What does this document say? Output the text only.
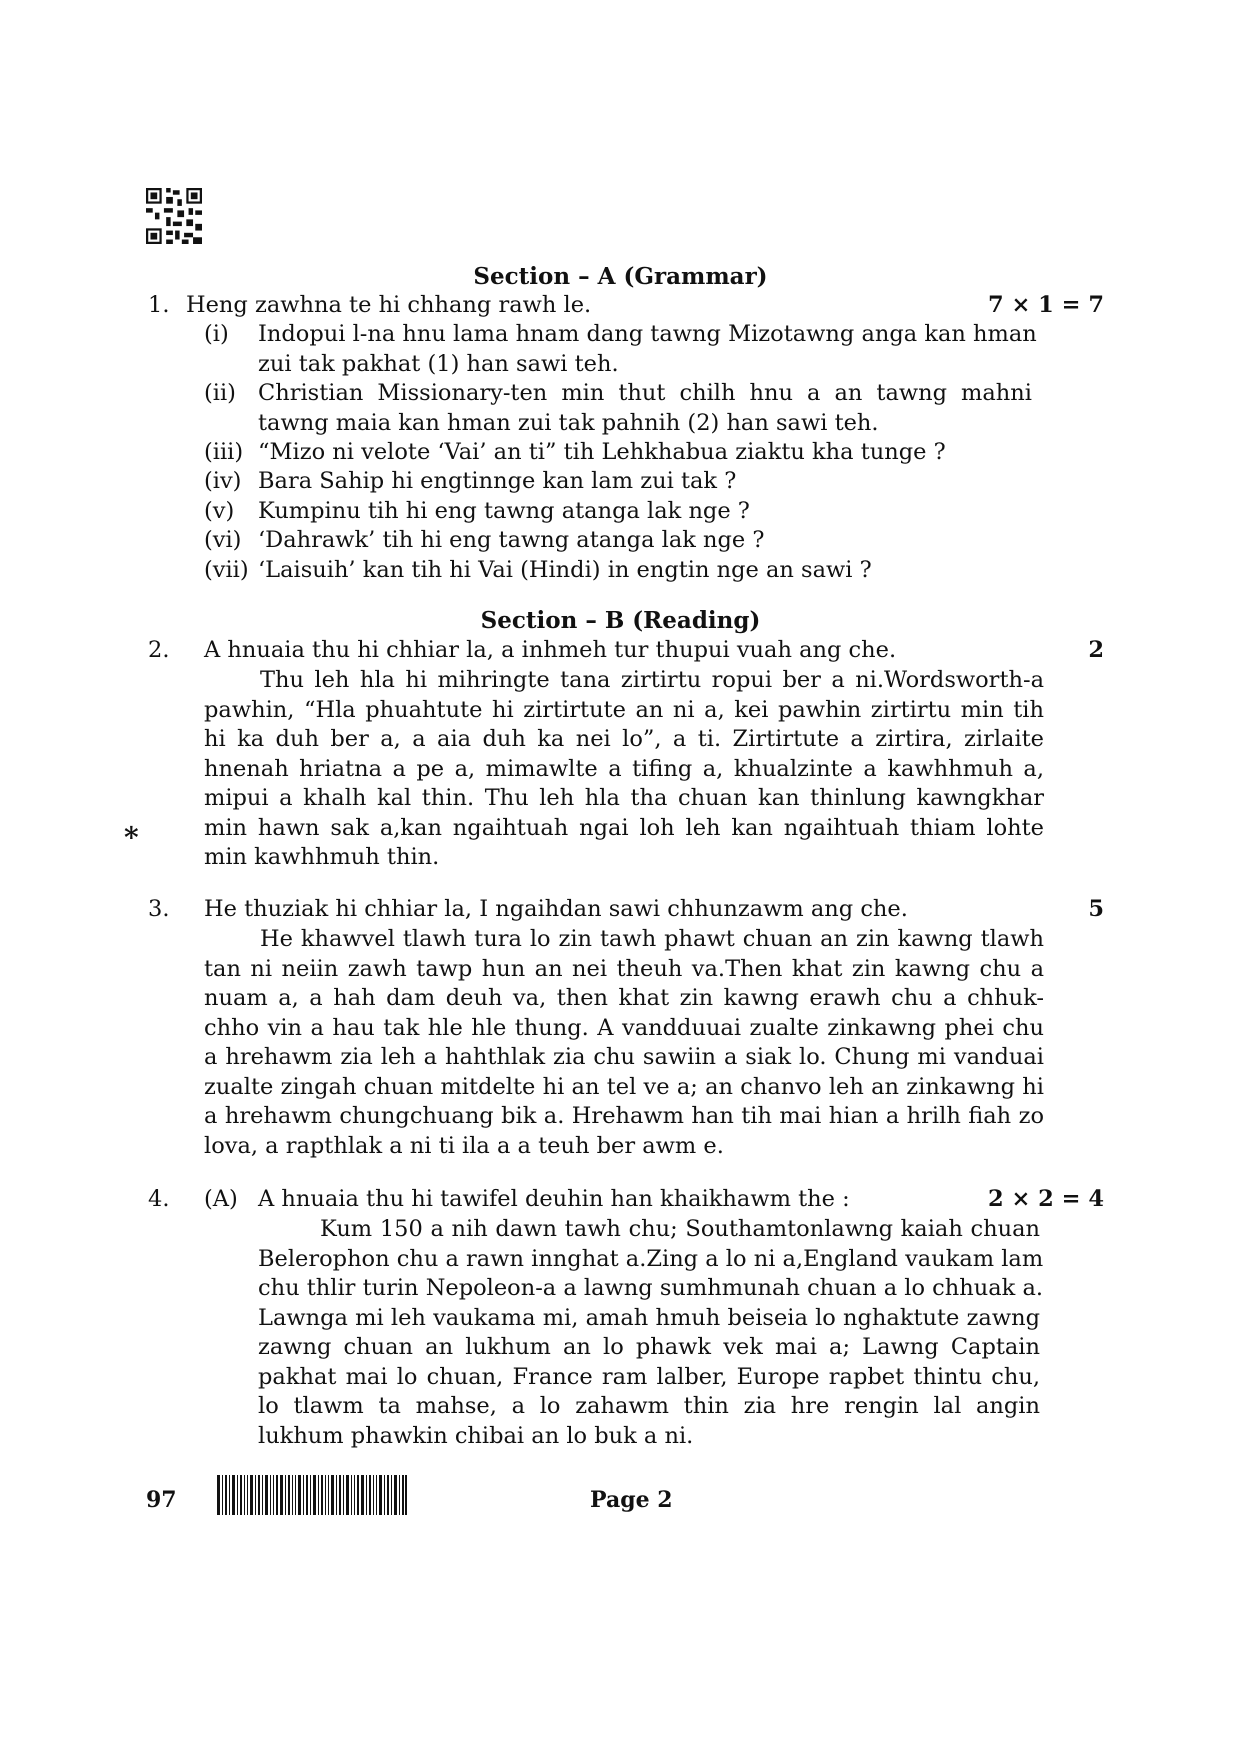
Section – A (Grammar)
1. Heng zawhna te hi chhang rawh le.	7 × 1 = 7
(i) Indopui l-na hnu lama hnam dang tawng Mizotawng anga kan hman
zui tak pakhat (1) han sawi teh.
(ii) Christian Missionary-ten min thut chilh hnu a an tawng mahni
tawng maia kan hman zui tak pahnih (2) han sawi teh.
(iii) “Mizo ni velote ‘Vai’ an ti” tih Lehkhabua ziaktu kha tunge ?
(iv) Bara Sahip hi engtinnge kan lam zui tak ?
(v) Kumpinu tih hi eng tawng atanga lak nge ?
(vi) ‘Dahrawk’ tih hi eng tawng atanga lak nge ?
(vii) ‘Laisuih’ kan tih hi Vai (Hindi) in engtin nge an sawi ?
Section – B (Reading)
2. A hnuaia thu hi chhiar la, a inhmeh tur thupui vuah ang che.	2
Thu leh hla hi mihringte tana zirtirtu ropui ber a ni.Wordsworth-a
pawhin, “Hla phuahtute hi zirtirtute an ni a, kei pawhin zirtirtu min tih
hi ka duh ber a, a aia duh ka nei lo”, a ti. Zirtirtute a zirtira, zirlaite
hnenah hriatna a pe a, mimawlte a tifing a, khualzinte a kawhhmuh a,
mipui a khalh kal thin. Thu leh hla tha chuan kan thinlung kawngkhar
min hawn sak a,kan ngaihtuah ngai loh leh kan ngaihtuah thiam lohte
min kawhhmuh thin.
*
3. He thuziak hi chhiar la, I ngaihdan sawi chhunzawm ang che.	5
He khawvel tlawh tura lo zin tawh phawt chuan an zin kawng tlawh
tan ni neiin zawh tawp hun an nei theuh va.Then khat zin kawng chu a
nuam a, a hah dam deuh va, then khat zin kawng erawh chu a chhuk-
chho vin a hau tak hle hle thung. A vandduuai zualte zinkawng phei chu
a hrehawm zia leh a hahthlak zia chu sawiin a siak lo. Chung mi vanduai
zualte zingah chuan mitdelte hi an tel ve a; an chanvo leh an zinkawng hi
a hrehawm chungchuang bik a. Hrehawm han tih mai hian a hrilh fiah zo
lova, a rapthlak a ni ti ila a a teuh ber awm e.
4. (A) A hnuaia thu hi tawifel deuhin han khaikhawm the :	2 × 2 = 4
Kum 150 a nih dawn tawh chu; Southamtonlawng kaiah chuan
Belerophon chu a rawn innghat a.Zing a lo ni a,England vaukam lam
chu thlir turin Nepoleon-a a lawng sumhmunah chuan a lo chhuak a.
Lawnga mi leh vaukama mi, amah hmuh beiseia lo nghaktute zawng
zawng chuan an lukhum an lo phawk vek mai a; Lawng Captain
pakhat mai lo chuan, France ram lalber, Europe rapbet thintu chu,
lo tlawm ta mahse, a lo zahawm thin zia hre rengin lal angin
lukhum phawkin chibai an lo buk a ni.
97	Page 2
